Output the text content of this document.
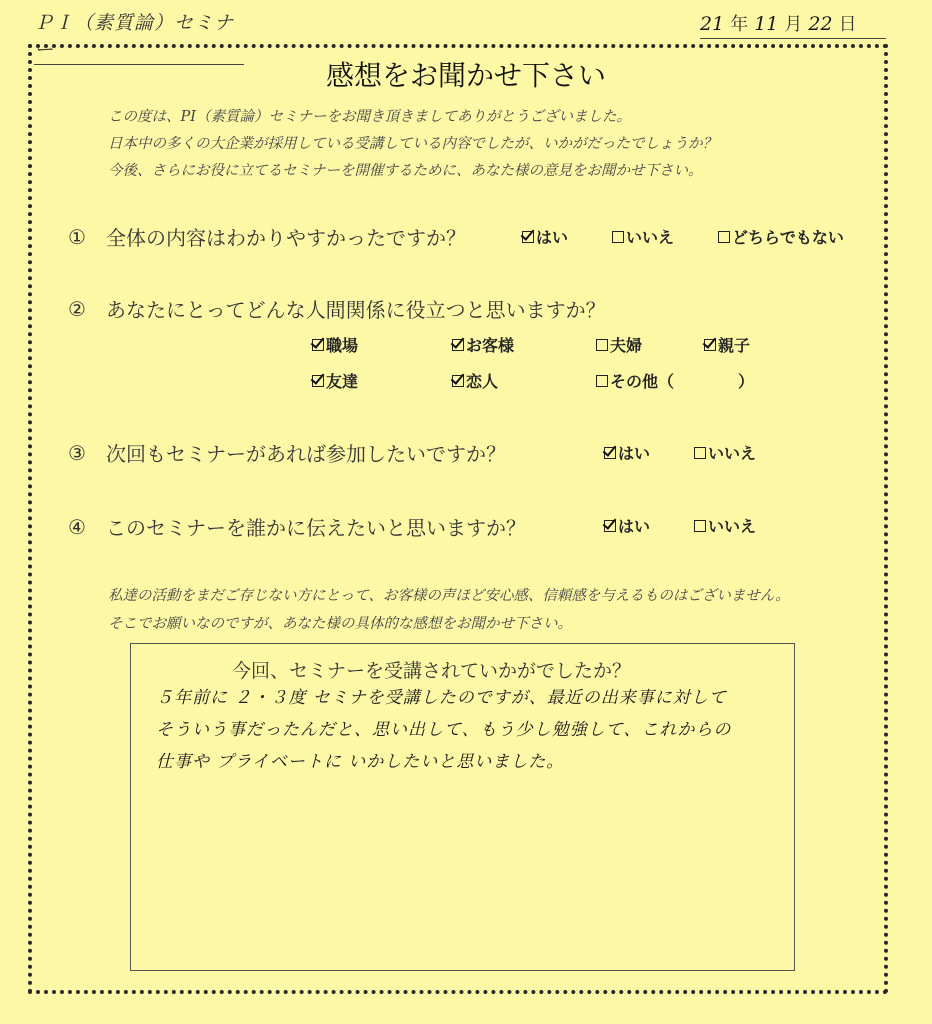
ＰＩ（素質論）セミナー
21 年 11 月 22 日
感想をお聞かせ下さい
この度は、PI（素質論）セミナーをお聞き頂きましてありがとうございました。
日本中の多くの大企業が採用している受講している内容でしたが、いかがだったでしょうか？
今後、さらにお役に立てるセミナーを開催するために、あなた様の意見をお聞かせ下さい。
①	全体の内容はわかりやすかったですか？	はい	いいえ	どちらでもない
②	あなたにとってどんな人間関係に役立つと思いますか？
職場	お客様	夫婦	親子
友達	恋人	その他（　　　　）
③	次回もセミナーがあれば参加したいですか？	はい	いいえ
④	このセミナーを誰かに伝えたいと思いますか？	はい	いいえ
私達の活動をまだご存じない方にとって、お客様の声ほど安心感、信頼感を与えるものはございません。
そこでお願いなのですが、あなた様の具体的な感想をお聞かせ下さい。
今回、セミナーを受講されていかがでしたか？
５年前に ２・３度 セミナを受講したのですが、最近の出来事に対して
そういう事だったんだと、思い出して、もう少し勉強して、これからの
仕事や プライベートに いかしたいと思いました。
